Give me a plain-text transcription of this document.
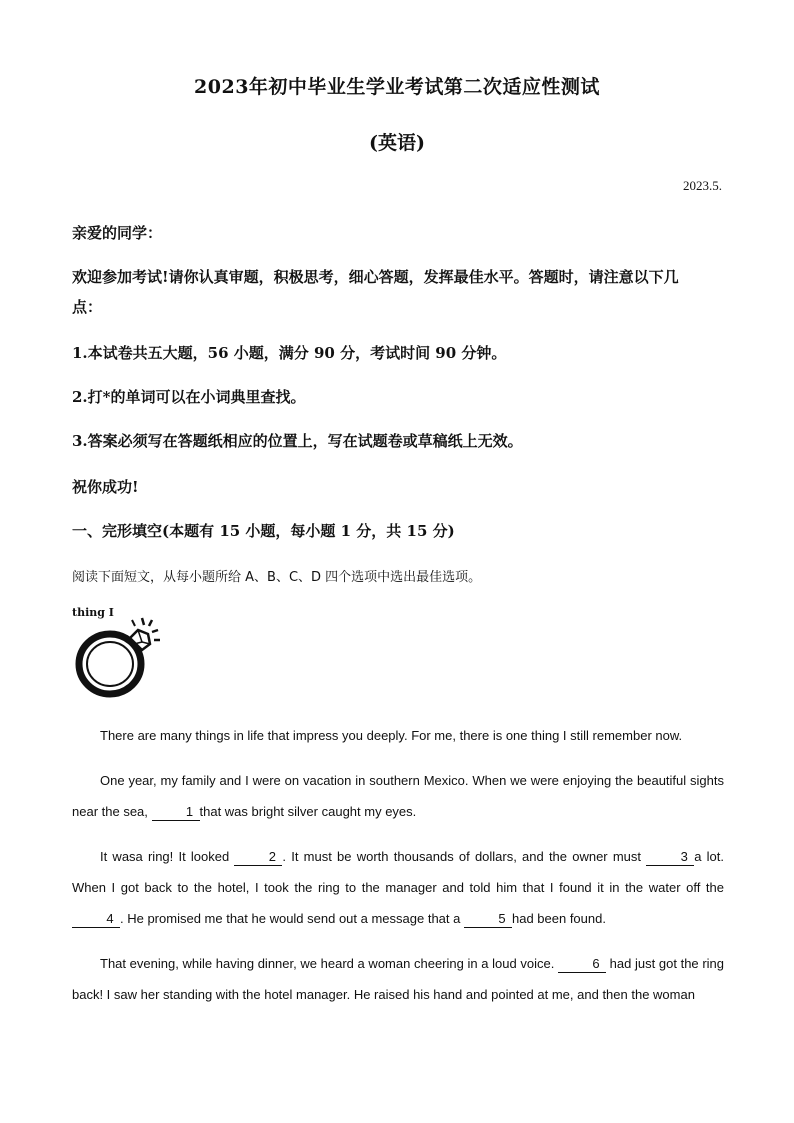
2023年初中毕业生学业考试第二次适应性测试
(英语)
2023.5.
亲爱的同学：
欢迎参加考试!请你认真审题，积极思考，细心答题，发挥最佳水平。答题时，请注意以下几
点：
1.本试卷共五大题，56 小题，满分 90 分，考试时间 90 分钟。
2.打*的单词可以在小词典里查找。
3.答案必须写在答题纸相应的位置上，写在试题卷或草稿纸上无效。
祝你成功!
一、完形填空(本题有 15 小题，每小题 1 分，共 15 分)
阅读下面短文，从每小题所给 A、B、C、D 四个选项中选出最佳选项。
thing I
There are many things in life that impress you deeply. For me, there is one thing I still remember now.
One year, my family and I were on vacation in southern Mexico. When we were enjoying the beautiful sights near the sea,	1 that was bright silver caught my eyes.
It wasa ring! It looked	2 . It must be worth thousands of dollars, and the owner must	3 a lot. When I got back to the hotel, I took the ring to the manager and told him that I found it in the water off the 4 . He promised me that he would send out a message that a	5 had been found.
That evening, while having dinner, we heard a woman cheering in a loud voice.	6 had just got the ring back! I saw her standing with the hotel manager. He raised his hand and pointed at me, and then the woman
